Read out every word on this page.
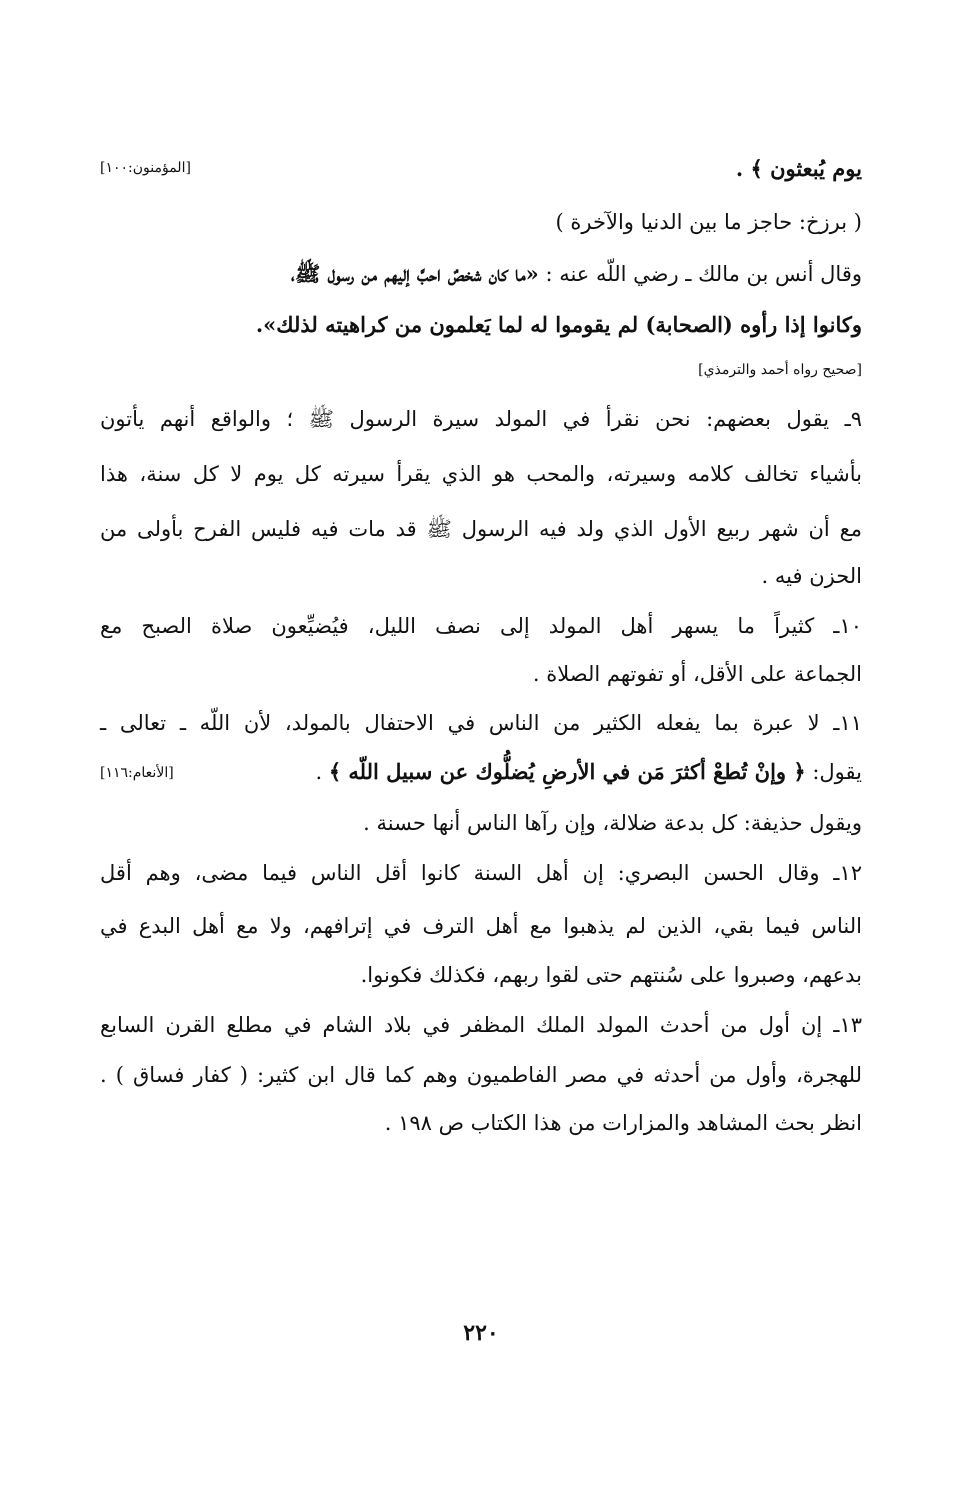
يوم يُبعثون ﴾ .
[المؤمنون:١٠٠]
( برزخ: حاجز ما بين الدنيا والآخرة )
وقال أنس بن مالك ـ رضي اللّه عنه : «ما كان شخصٌ احبَّ إليهم من رسول ﷺ،
وكانوا إذا رأوه (الصحابة) لم يقوموا له لما يَعلمون من كراهيته لذلك».
[صحيح رواه أحمد والترمذي]
٩ـ يقول بعضهم: نحن نقرأ في المولد سيرة الرسول ﷺ ؛ والواقع أنهم يأتون
بأشياء تخالف كلامه وسيرته، والمحب هو الذي يقرأ سيرته كل يوم لا كل سنة، هذا
مع أن شهر ربيع الأول الذي ولد فيه الرسول ﷺ قد مات فيه فليس الفرح بأولى من
الحزن فيه .
١٠ـ كثيراً ما يسهر أهل المولد إلى نصف الليل، فيُضيِّعون صلاة الصبح مع
الجماعة على الأقل، أو تفوتهم الصلاة .
١١ـ لا عبرة بما يفعله الكثير من الناس في الاحتفال بالمولد، لأن اللّه ـ تعالى ـ
يقول: ﴿ وإنْ تُطعْ أكثرَ مَن في الأرضِ يُضلُّوك عن سبيل اللّه ﴾ .
[الأنعام:١١٦]
ويقول حذيفة: كل بدعة ضلالة، وإن رآها الناس أنها حسنة .
١٢ـ وقال الحسن البصري: إن أهل السنة كانوا أقل الناس فيما مضى، وهم أقل
الناس فيما بقي، الذين لم يذهبوا مع أهل الترف في إترافهم، ولا مع أهل البدع في
بدعهم، وصبروا على سُنتهم حتى لقوا ربهم، فكذلك فكونوا.
١٣ـ إن أول من أحدث المولد الملك المظفر في بلاد الشام في مطلع القرن السابع
للهجرة، وأول من أحدثه في مصر الفاطميون وهم كما قال ابن كثير: ( كفار فساق ) .
انظر بحث المشاهد والمزارات من هذا الكتاب ص ١٩٨ .
٢٢٠
